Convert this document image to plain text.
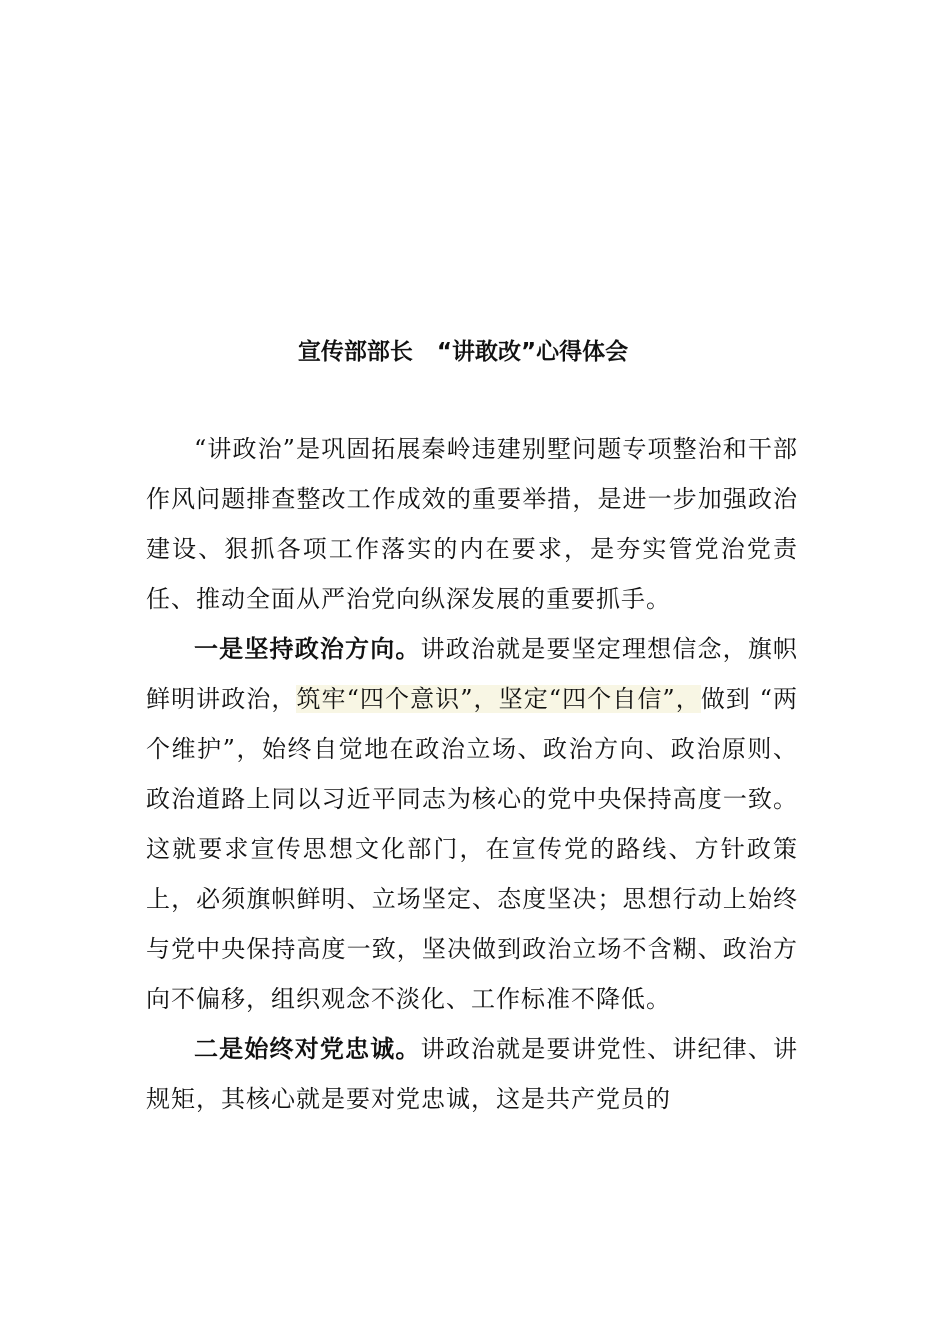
宣传部部长   “讲敢改”心得体会

“讲政治”是巩固拓展秦岭违建别墅问题专项整治和干部作风问题排查整改工作成效的重要举措，是进一步加强政治建设、狠抓各项工作落实的内在要求，是夯实管党治党责任、推动全面从严治党向纵深发展的重要抓手。

一是坚持政治方向。讲政治就是要坚定理想信念，旗帜鲜明讲政治，筑牢“四个意识”，坚定“四个自信”，做到 “两个维护”，始终自觉地在政治立场、政治方向、政治原则、政治道路上同以习近平同志为核心的党中央保持高度一致。这就要求宣传思想文化部门，在宣传党的路线、方针政策上，必须旗帜鲜明、立场坚定、态度坚决；思想行动上始终与党中央保持高度一致，坚决做到政治立场不含糊、政治方向不偏移，组织观念不淡化、工作标准不降低。

二是始终对党忠诚。讲政治就是要讲党性、讲纪律、讲规矩，其核心就是要对党忠诚，这是共产党员的
